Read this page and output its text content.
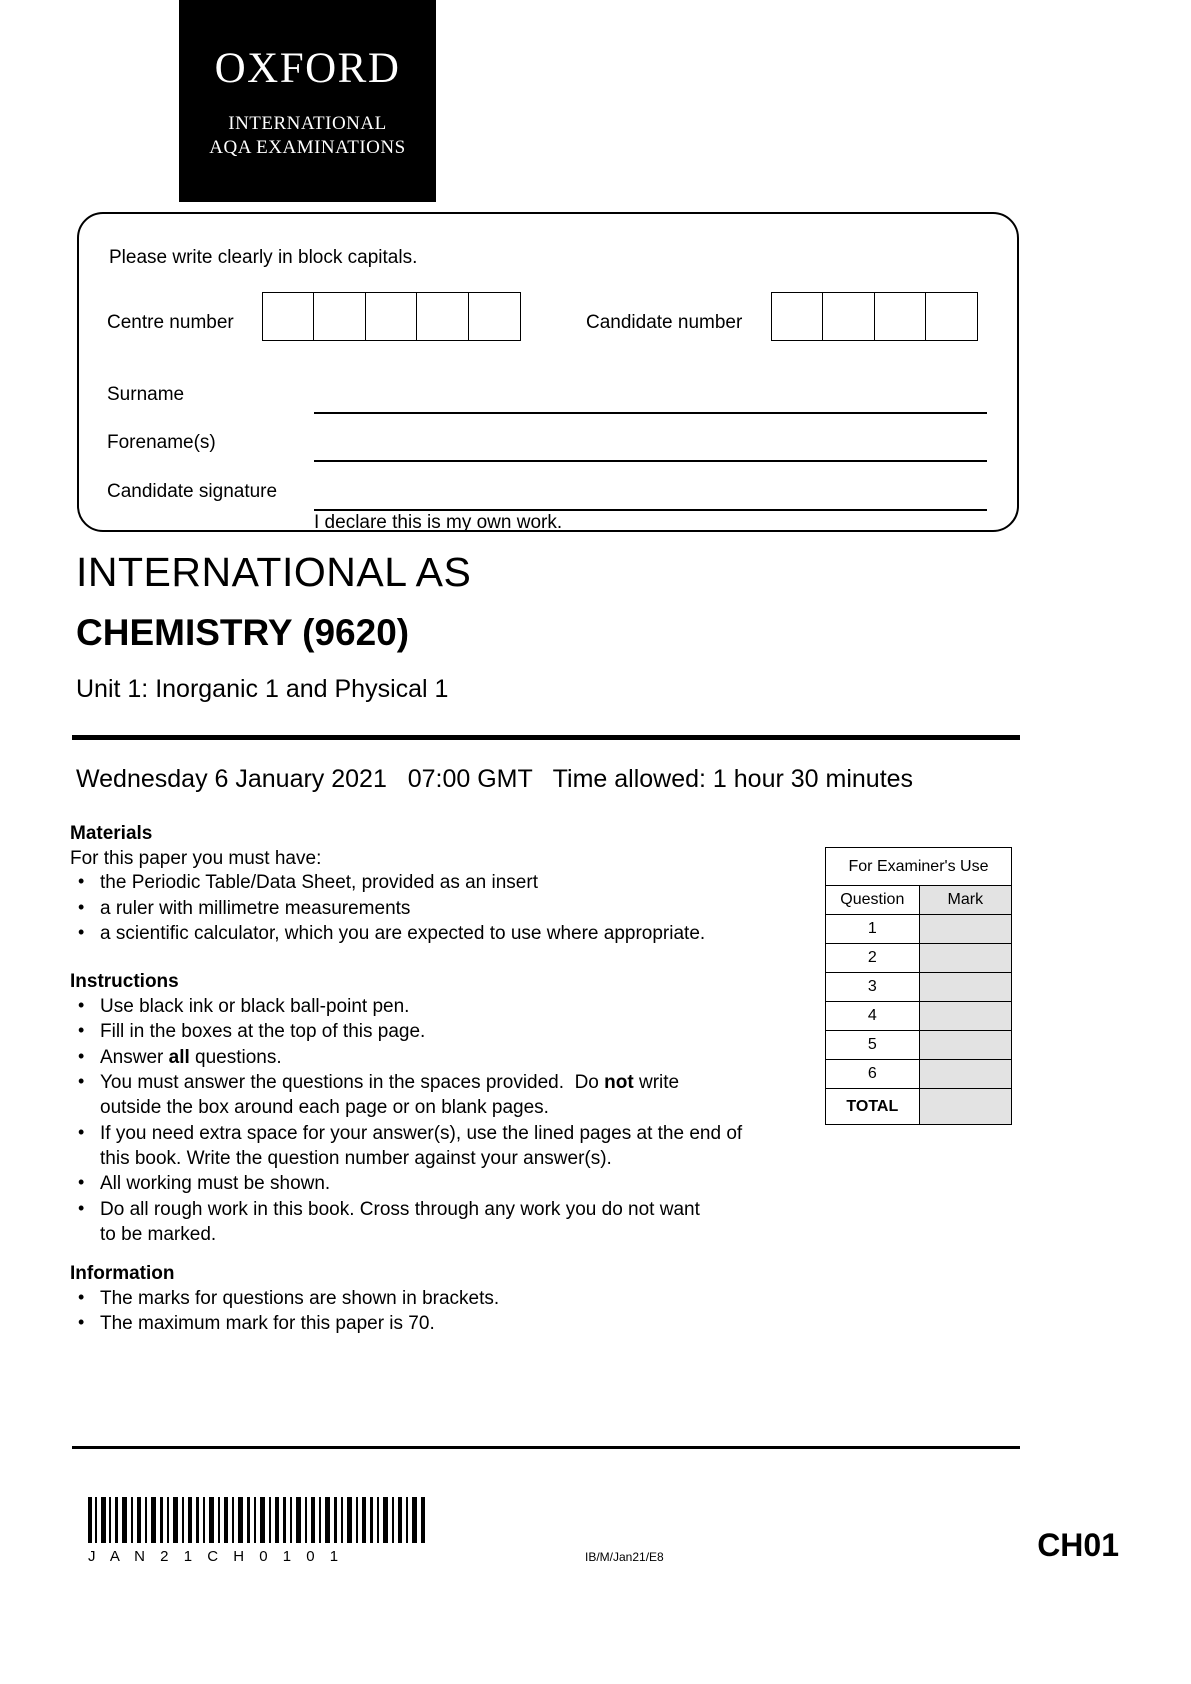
OXFORD
INTERNATIONAL
AQA EXAMINATIONS
Please write clearly in block capitals.
Centre number	Candidate number
Surname
Forename(s)
Candidate signature
I declare this is my own work.
INTERNATIONAL AS
CHEMISTRY (9620)
Unit 1: Inorganic 1 and Physical 1
Wednesday 6 January 2021   07:00 GMT   Time allowed: 1 hour 30 minutes

Materials

For this paper you must have:

• the Periodic Table/Data Sheet, provided as an insert
• a ruler with millimetre measurements
• a scientific calculator, which you are expected to use where appropriate.

Instructions

• Use black ink or black ball-point pen.
• Fill in the boxes at the top of this page.
• Answer all questions.
• You must answer the questions in the spaces provided.  Do not write
outside the box around each page or on blank pages.
• If you need extra space for your answer(s), use the lined pages at the end of
this book. Write the question number against your answer(s).
• All working must be shown.
• Do all rough work in this book. Cross through any work you do not want
to be marked.

Information

• The marks for questions are shown in brackets.
• The maximum mark for this paper is 70.
For Examiner's Use	
Question	Mark
1	
2	
3	
4	
5	
6	
TOTAL	
J A N 2 1 C H 0 1 0 1	IB/M/Jan21/E8	CH01
